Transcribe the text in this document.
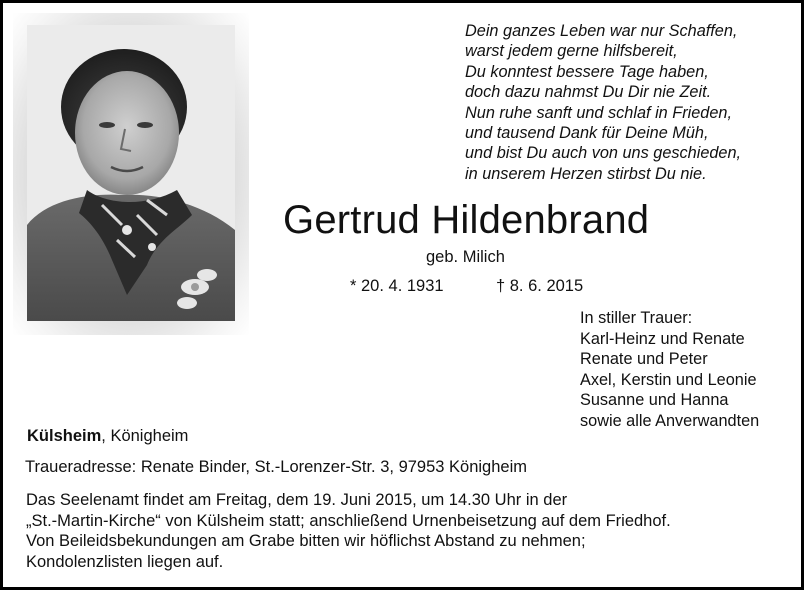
Dein ganzes Leben war nur Schaffen,
warst jedem gerne hilfsbereit,
Du konntest bessere Tage haben,
doch dazu nahmst Du Dir nie Zeit.
Nun ruhe sanft und schlaf in Frieden,
und tausend Dank für Deine Müh,
und bist Du auch von uns geschieden,
in unserem Herzen stirbst Du nie.
Gertrud Hildenbrand
geb. Milich
* 20. 4. 1931	† 8. 6. 2015
In stiller Trauer:
Karl-Heinz und Renate
Renate und Peter
Axel, Kerstin und Leonie
Susanne und Hanna
sowie alle Anverwandten
Külsheim, Königheim
Traueradresse: Renate Binder, St.-Lorenzer-Str. 3, 97953 Königheim
Das Seelenamt findet am Freitag, dem 19. Juni 2015, um 14.30 Uhr in der
„St.-Martin-Kirche“ von Külsheim statt; anschließend Urnenbeisetzung auf dem Friedhof.
Von Beileidsbekundungen am Grabe bitten wir höflichst Abstand zu nehmen;
Kondolenzlisten liegen auf.
